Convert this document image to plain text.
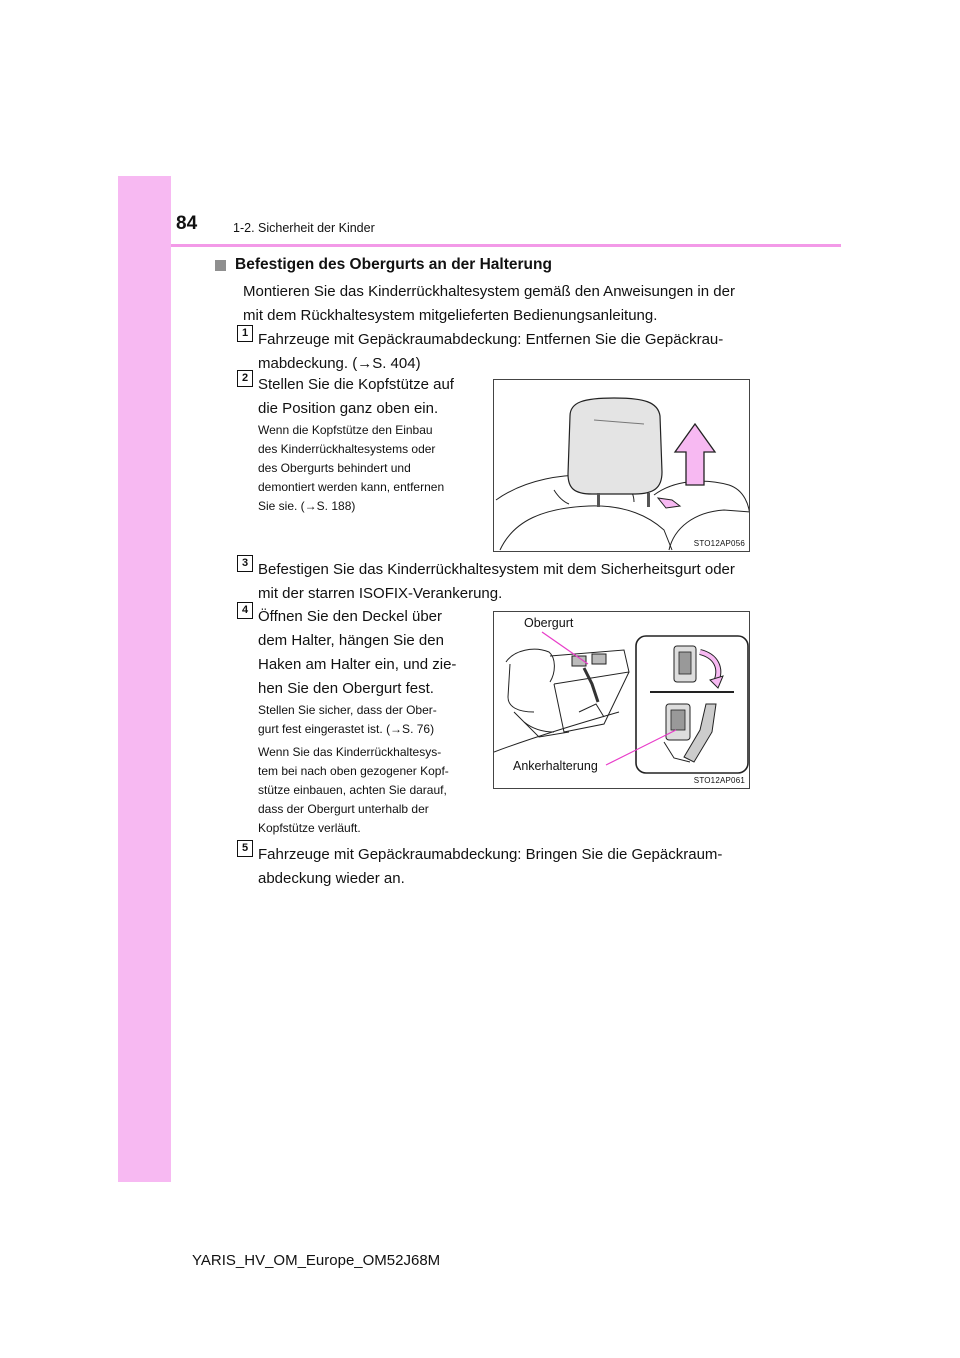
84	1-2. Sicherheit der Kinder
Befestigen des Obergurts an der Halterung
Montieren Sie das Kinderrückhaltesystem gemäß den Anweisungen in der
mit dem Rückhaltesystem mitgelieferten Bedienungsanleitung.
1 Fahrzeuge mit Gepäckraumabdeckung: Entfernen Sie die Gepäckrau-
mabdeckung. (→S. 404)
2 Stellen Sie die Kopfstütze auf
die Position ganz oben ein.
Wenn die Kopfstütze den Einbau
des Kinderrückhaltesystems oder
des Obergurts behindert und
demontiert werden kann, entfernen
Sie sie. (→S. 188)
STO12AP056
3 Befestigen Sie das Kinderrückhaltesystem mit dem Sicherheitsgurt oder
mit der starren ISOFIX-Verankerung.
4 Öffnen Sie den Deckel über
dem Halter, hängen Sie den
Haken am Halter ein, und zie-
hen Sie den Obergurt fest.
Stellen Sie sicher, dass der Ober-
gurt fest eingerastet ist. (→S. 76)
Wenn Sie das Kinderrückhaltesys-
tem bei nach oben gezogener Kopf-
stütze einbauen, achten Sie darauf,
dass der Obergurt unterhalb der
Kopfstütze verläuft.
Obergurt
Ankerhalterung
STO12AP061
5 Fahrzeuge mit Gepäckraumabdeckung: Bringen Sie die Gepäckraum-
abdeckung wieder an.
YARIS_HV_OM_Europe_OM52J68M
